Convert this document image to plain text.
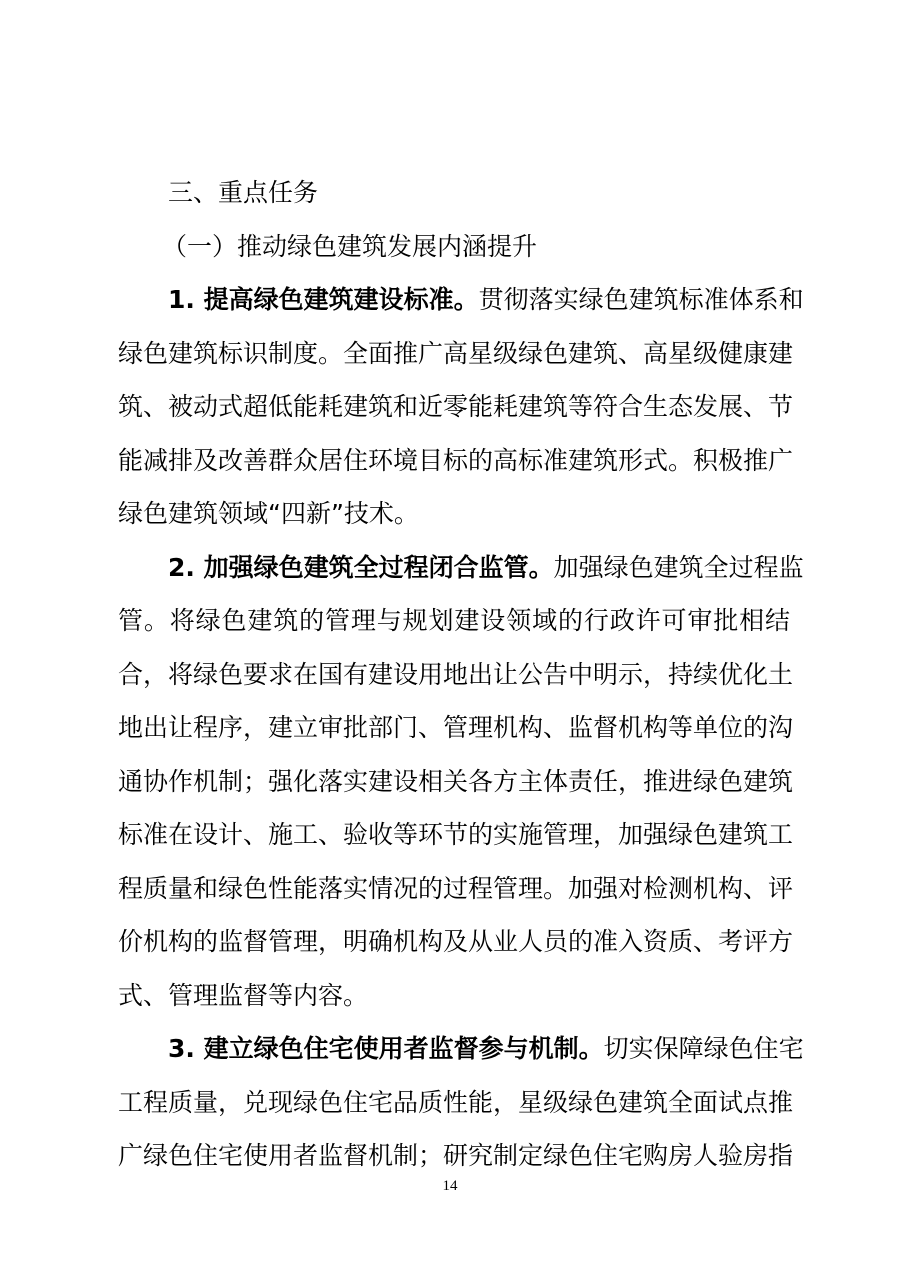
三、重点任务
（一）推动绿色建筑发展内涵提升
1. 提高绿色建筑建设标准。贯彻落实绿色建筑标准体系和
绿色建筑标识制度。全面推广高星级绿色建筑、高星级健康建
筑、被动式超低能耗建筑和近零能耗建筑等符合生态发展、节
能减排及改善群众居住环境目标的高标准建筑形式。积极推广
绿色建筑领域“四新”技术。
2. 加强绿色建筑全过程闭合监管。加强绿色建筑全过程监
管。将绿色建筑的管理与规划建设领域的行政许可审批相结
合，将绿色要求在国有建设用地出让公告中明示，持续优化土
地出让程序，建立审批部门、管理机构、监督机构等单位的沟
通协作机制；强化落实建设相关各方主体责任，推进绿色建筑
标准在设计、施工、验收等环节的实施管理，加强绿色建筑工
程质量和绿色性能落实情况的过程管理。加强对检测机构、评
价机构的监督管理，明确机构及从业人员的准入资质、考评方
式、管理监督等内容。
3. 建立绿色住宅使用者监督参与机制。切实保障绿色住宅
工程质量，兑现绿色住宅品质性能，星级绿色建筑全面试点推
广绿色住宅使用者监督机制；研究制定绿色住宅购房人验房指
14
